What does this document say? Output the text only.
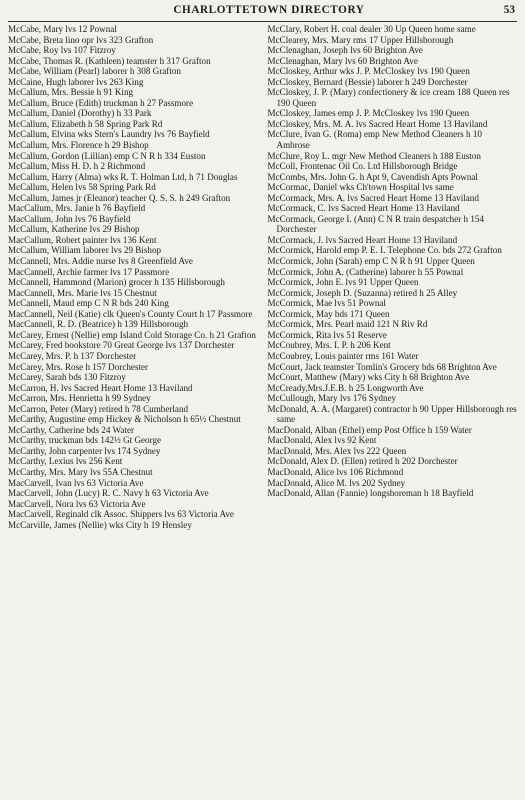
CHARLOTTETOWN DIRECTORY	53
McCabe, Mary lvs 12 Pownal
McCabe, Breta lino opr lvs 323 Grafton
McCabe, Roy lvs 107 Fitzroy
McCabe, Thomas R. (Kathleen) teamster h 317 Grafton
McCabe, William (Pearl) laborer h 308 Grafton
McCaine, Hugh laborer lvs 263 King
McCallum, Mrs. Bessie h 91 King
McCallum, Bruce (Edith) truckman h 27 Passmore
McCallum, Daniel (Dorothy) h 33 Park
McCallum, Elizabeth h 58 Spring Park Rd
McCallum, Elvina wks Stern's Laundry lvs 76 Bayfield
McCallum, Mrs. Florence h 29 Bishop
McCallum, Gordon (Lillian) emp C N R h 334 Euston
McCallum, Miss H. D. h 2 Richmond
McCallum, Harry (Alma) wks R. T. Holman Ltd, h 71 Douglas
McCallum, Helen lvs 58 Spring Park Rd
McCallum, James jr (Eleanor) teacher Q. S. S. h 249 Grafton
MacCallum, Mrs. Janie h 76 Bayfield
MacCallum, John lvs 76 Bayfield
McCallum, Katherine lvs 29 Bishop
MacCallum, Robert painter lvs 136 Kent
McCallum, William laborer lvs 29 Bishop
McCannell, Mrs. Addie nurse lvs 8 Greenfield Ave
MacCannell, Archie farmer lvs 17 Passmore
McCannell, Hammond (Marion) grocer h 135 Hillsborough
MacCannell, Mrs. Marie lvs 15 Chestnut
McCannell, Maud emp C N R bds 240 King
MacCannell, Neil (Katie) clk Queen's County Court h 17 Passmore
MacCannell, R. D. (Beatrice) h 139 Hillsborough
McCarey, Ernest (Nellie) emp Island Cold Storage Co. h 21 Grafton
McCarey, Fred bookstore 70 Great George lvs 137 Dorchester
McCarey, Mrs. P. h 137 Dorchester
McCarey, Mrs. Rose h 157 Dorchester
McCarey, Sarah bds 130 Fitzroy
McCarron, H. lvs Sacred Heart Home 13 Haviland
McCarron, Mrs. Henrietta h 99 Sydney
McCarron, Peter (Mary) retired h 78 Cumberland
McCarthy, Augustine emp Hickey & Nicholson h 65½ Chestnut
McCarthy, Catherine bds 24 Water
McCarthy, truckman bds 142½ Gt George
McCarthy, John carpenter lvs 174 Sydney
McCarthy, Lexius lvs 256 Kent
McCarthy, Mrs. Mary lvs 55A Chestnut
MacCarvell, Ivan lvs 63 Victoria Ave
MacCarvell, John (Lucy) R. C. Navy h 63 Victoria Ave
MacCarvell, Nora lvs 63 Victoria Ave
MacCarvell, Reginald clk Assoc. Shippers lvs 63 Victoria Ave
McCarville, James (Nellie) wks City h 19 Hensley
McClary, Robert H. coal dealer 30 Up Queen home same
McClearey, Mrs. Mary rms 17 Upper Hillsborough
McClenaghan, Joseph lvs 60 Brighton Ave
McClenaghan, Mary lvs 60 Brighton Ave
McCloskey, Arthur wks J. P. McCloskey lvs 190 Queen
McCloskey, Bernard (Bessie) laborer h 249 Dorchester
McCloskey, J. P. (Mary) confectionery & ice cream 188 Queen res 190 Queen
McCloskey, James emp J. P. McCloskey lvs 190 Queen
McCloskey, Mrs. M. A. lvs Sacred Heart Home 13 Haviland
McClure, Ivan G. (Roma) emp New Method Cleaners h 10 Ambrose
McClure, Roy L. mgr New Method Cleaners h 188 Euston
McColl, Frontenac Oil Co. Ltd Hillsborough Bridge
McCombs, Mrs. John G. h Apt 9, Cavendish Apts Pownal
McCormac, Daniel wks Ch'town Hospital lvs same
McCormack, Mrs. A. lvs Sacred Heart Home 13 Haviland
McCormack, C. lvs Sacred Heart Home 13 Haviland
McCormack, George I. (Ann) C N R train despatcher h 154 Dorchester
McCormack, J. lvs Sacred Heart Home 13 Haviland
McCormick, Harold emp P. E. I. Telephone Co. bds 272 Grafton
McCormick, John (Sarah) emp C N R h 91 Upper Queen
McCormick, John A. (Catherine) laborer h 55 Pownal
McCormick, John E. lvs 91 Upper Queen
McCormick, Joseph D. (Suzanna) retired h 25 Alley
McCormick, Mae lvs 51 Pownal
McCormick, May bds 171 Queen
McCormick, Mrs. Pearl maid 121 N Riv Rd
McCormick, Rita lvs 51 Reserve
McCoubrey, Mrs. I. P. h 206 Kent
McCoubrey, Louis painter rms 161 Water
McCourt, Jack teamster Tomlin's Grocery bds 68 Brighton Ave
McCourt, Matthew (Mary) wks City h 68 Brighton Ave
McCready,Mrs.J.E.B. h 25 Longworth Ave
McCullough, Mary lvs 176 Sydney
McDonald, A. A. (Margaret) contractor h 90 Upper Hillsborough res same
MacDonald, Alban (Ethel) emp Post Office h 159 Water
MacDonald, Alex lvs 92 Kent
MacDonald, Mrs. Alex lvs 222 Queen
McDonald, Alex D. (Ellen) retired h 202 Dorchester
MacDonald, Alice lvs 106 Richmond
MacDonald, Alice M. lvs 202 Sydney
MacDonald, Allan (Fannie) longshoreman h 18 Bayfield
